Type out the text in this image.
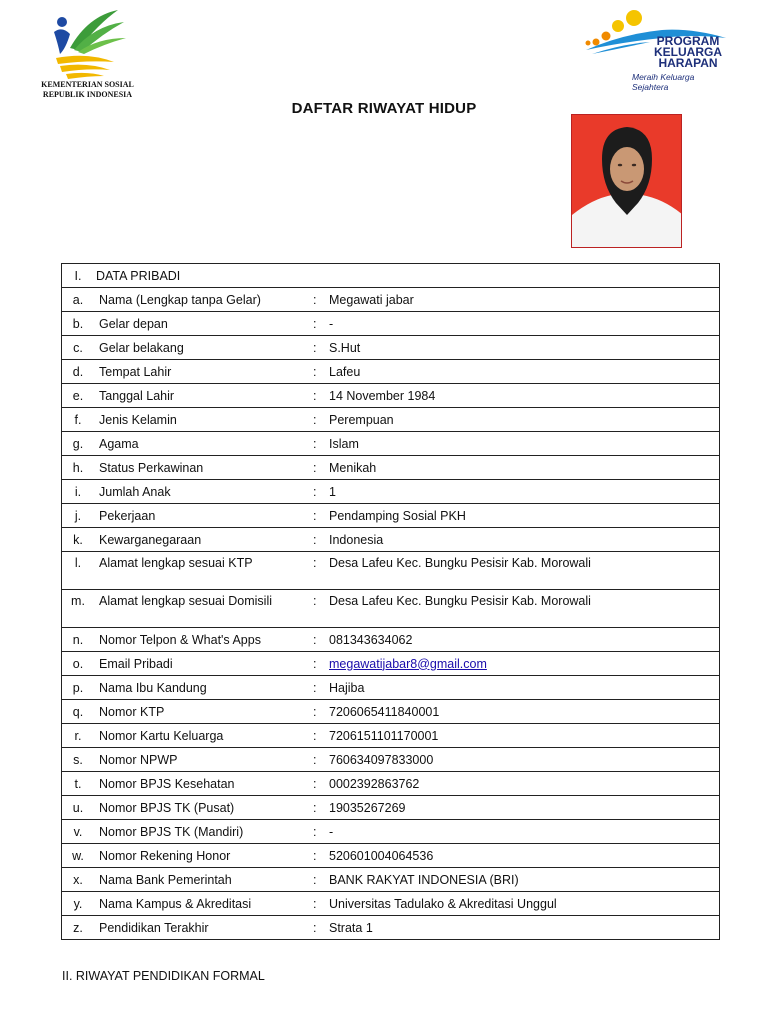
KEMENTERIAN SOSIAL
REPUBLIK INDONESIA
PROGRAM
KELUARGA
HARAPAN
Meraih Keluarga Sejahtera
DAFTAR RIWAYAT HIDUP
I.	DATA PRIBADI		
a.	Nama (Lengkap tanpa Gelar)	:	Megawati jabar
b.	Gelar depan	:	-
c.	Gelar belakang	:	S.Hut
d.	Tempat Lahir	:	Lafeu
e.	Tanggal Lahir	:	14 November 1984
f.	Jenis Kelamin	:	Perempuan
g.	Agama	:	Islam
h.	Status Perkawinan	:	Menikah
i.	Jumlah Anak	:	1
j.	Pekerjaan	:	Pendamping Sosial PKH
k.	Kewarganegaraan	:	Indonesia
l.	Alamat lengkap sesuai KTP	:	Desa Lafeu Kec. Bungku Pesisir Kab. Morowali
m.	Alamat lengkap sesuai Domisili	:	Desa Lafeu Kec. Bungku Pesisir Kab. Morowali
n.	Nomor Telpon & What's Apps	:	081343634062
o.	Email Pribadi	:	megawatijabar8@gmail.com
p.	Nama Ibu Kandung	:	Hajiba
q.	Nomor KTP	:	7206065411840001
r.	Nomor Kartu Keluarga	:	7206151101170001
s.	Nomor NPWP	:	760634097833000
t.	Nomor BPJS Kesehatan	:	0002392863762
u.	Nomor BPJS TK (Pusat)	:	19035267269
v.	Nomor BPJS TK (Mandiri)	:	-
w.	Nomor Rekening Honor	:	520601004064536
x.	Nama Bank Pemerintah	:	BANK RAKYAT INDONESIA (BRI)
y.	Nama Kampus & Akreditasi	:	Universitas Tadulako & Akreditasi Unggul
z.	Pendidikan Terakhir	:	Strata 1
II. RIWAYAT PENDIDIKAN FORMAL
